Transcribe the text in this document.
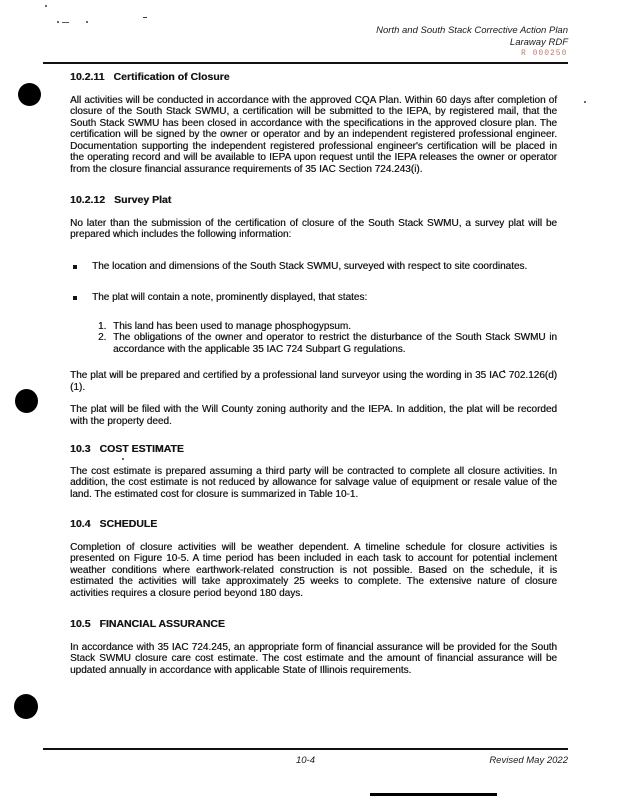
North and South Stack Corrective Action Plan
Laraway RDF
R 000250
10.2.11 Certification of Closure

All activities will be conducted in accordance with the approved CQA Plan. Within 60 days after completion of closure of the South Stack SWMU, a certification will be submitted to the IEPA, by registered mail, that the South Stack SWMU has been closed in accordance with the specifications in the approved closure plan. The certification will be signed by the owner or operator and by an independent registered professional engineer. Documentation supporting the independent registered professional engineer's certification will be placed in the operating record and will be available to IEPA upon request until the IEPA releases the owner or operator from the closure financial assurance requirements of 35 IAC Section 724.243(i).

10.2.12 Survey Plat

No later than the submission of the certification of closure of the South Stack SWMU, a survey plat will be prepared which includes the following information:

The location and dimensions of the South Stack SWMU, surveyed with respect to site coordinates.
The plat will contain a note, prominently displayed, that states:
1. This land has been used to manage phosphogypsum.
2. The obligations of the owner and operator to restrict the disturbance of the South Stack SWMU in accordance with the applicable 35 IAC 724 Subpart G regulations.

The plat will be prepared and certified by a professional land surveyor using the wording in 35 IAC 702.126(d)(1).

The plat will be filed with the Will County zoning authority and the IEPA. In addition, the plat will be recorded with the property deed.

10.3 COST ESTIMATE

The cost estimate is prepared assuming a third party will be contracted to complete all closure activities. In addition, the cost estimate is not reduced by allowance for salvage value of equipment or resale value of the land. The estimated cost for closure is summarized in Table 10-1.

10.4 SCHEDULE

Completion of closure activities will be weather dependent. A timeline schedule for closure activities is presented on Figure 10-5. A time period has been included in each task to account for potential inclement weather conditions where earthwork-related construction is not possible. Based on the schedule, it is estimated the activities will take approximately 25 weeks to complete. The extensive nature of closure activities requires a closure period beyond 180 days.

10.5 FINANCIAL ASSURANCE

In accordance with 35 IAC 724.245, an appropriate form of financial assurance will be provided for the South Stack SWMU closure care cost estimate. The cost estimate and the amount of financial assurance will be updated annually in accordance with applicable State of Illinois requirements.

10-4	Revised May 2022
